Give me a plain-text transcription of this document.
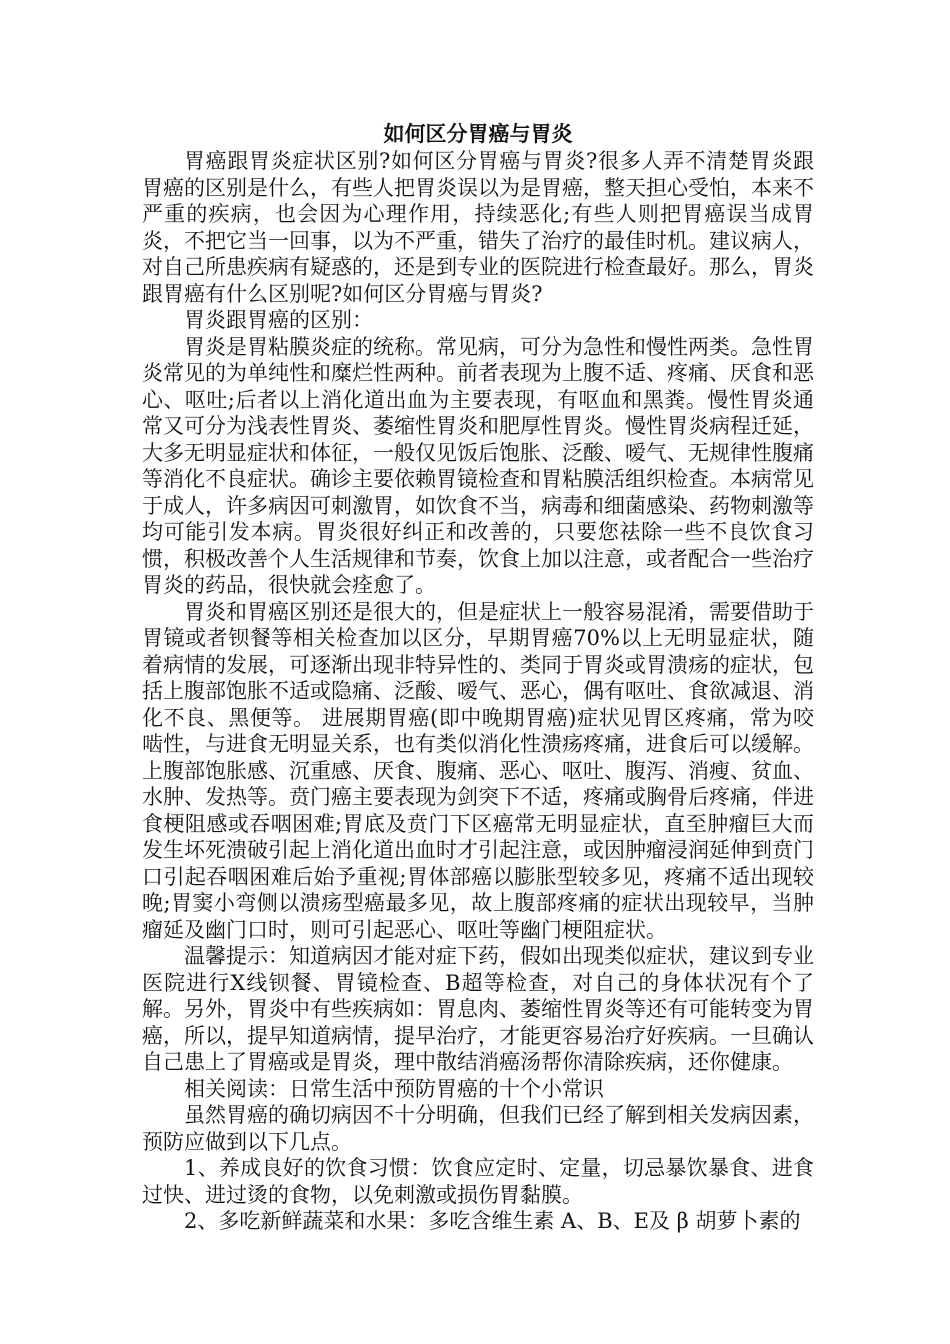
如何区分胃癌与胃炎

胃癌跟胃炎症状区别?如何区分胃癌与胃炎?很多人弄不清楚胃炎跟胃癌的区别是什么，有些人把胃炎误以为是胃癌，整天担心受怕，本来不严重的疾病，也会因为心理作用，持续恶化;有些人则把胃癌误当成胃炎，不把它当一回事，以为不严重，错失了治疗的最佳时机。建议病人，对自己所患疾病有疑惑的，还是到专业的医院进行检查最好。那么，胃炎跟胃癌有什么区别呢?如何区分胃癌与胃炎?

胃炎跟胃癌的区别：

胃炎是胃粘膜炎症的统称。常见病，可分为急性和慢性两类。急性胃炎常见的为单纯性和糜烂性两种。前者表现为上腹不适、疼痛、厌食和恶心、呕吐;后者以上消化道出血为主要表现，有呕血和黑粪。慢性胃炎通常又可分为浅表性胃炎、萎缩性胃炎和肥厚性胃炎。慢性胃炎病程迁延，大多无明显症状和体征，一般仅见饭后饱胀、泛酸、嗳气、无规律性腹痛等消化不良症状。确诊主要依赖胃镜检查和胃粘膜活组织检查。本病常见于成人，许多病因可刺激胃，如饮食不当，病毒和细菌感染、药物刺激等均可能引发本病。胃炎很好纠正和改善的，只要您祛除一些不良饮食习惯，积极改善个人生活规律和节奏，饮食上加以注意，或者配合一些治疗胃炎的药品，很快就会痊愈了。

胃炎和胃癌区别还是很大的，但是症状上一般容易混淆，需要借助于胃镜或者钡餐等相关检查加以区分，早期胃癌70%以上无明显症状，随着病情的发展，可逐渐出现非特异性的、类同于胃炎或胃溃疡的症状，包括上腹部饱胀不适或隐痛、泛酸、嗳气、恶心，偶有呕吐、食欲减退、消化不良、黑便等。 进展期胃癌(即中晚期胃癌)症状见胃区疼痛，常为咬啮性，与进食无明显关系，也有类似消化性溃疡疼痛，进食后可以缓解。上腹部饱胀感、沉重感、厌食、腹痛、恶心、呕吐、腹泻、消瘦、贫血、水肿、发热等。贲门癌主要表现为剑突下不适，疼痛或胸骨后疼痛，伴进食梗阻感或吞咽困难;胃底及贲门下区癌常无明显症状，直至肿瘤巨大而发生坏死溃破引起上消化道出血时才引起注意，或因肿瘤浸润延伸到贲门口引起吞咽困难后始予重视;胃体部癌以膨胀型较多见，疼痛不适出现较晚;胃窦小弯侧以溃疡型癌最多见，故上腹部疼痛的症状出现较早，当肿瘤延及幽门口时，则可引起恶心、呕吐等幽门梗阻症状。

温馨提示：知道病因才能对症下药，假如出现类似症状，建议到专业医院进行X线钡餐、胃镜检查、B超等检查，对自己的身体状况有个了解。另外，胃炎中有些疾病如：胃息肉、萎缩性胃炎等还有可能转变为胃癌，所以，提早知道病情，提早治疗，才能更容易治疗好疾病。一旦确认自己患上了胃癌或是胃炎，理中散结消癌汤帮你清除疾病，还你健康。

相关阅读：日常生活中预防胃癌的十个小常识

虽然胃癌的确切病因不十分明确，但我们已经了解到相关发病因素，预防应做到以下几点。

1、养成良好的饮食习惯：饮食应定时、定量，切忌暴饮暴食、进食过快、进过烫的食物，以免刺激或损伤胃黏膜。

2、多吃新鲜蔬菜和水果：多吃含维生素 A、B、E及 β 胡萝卜素的
